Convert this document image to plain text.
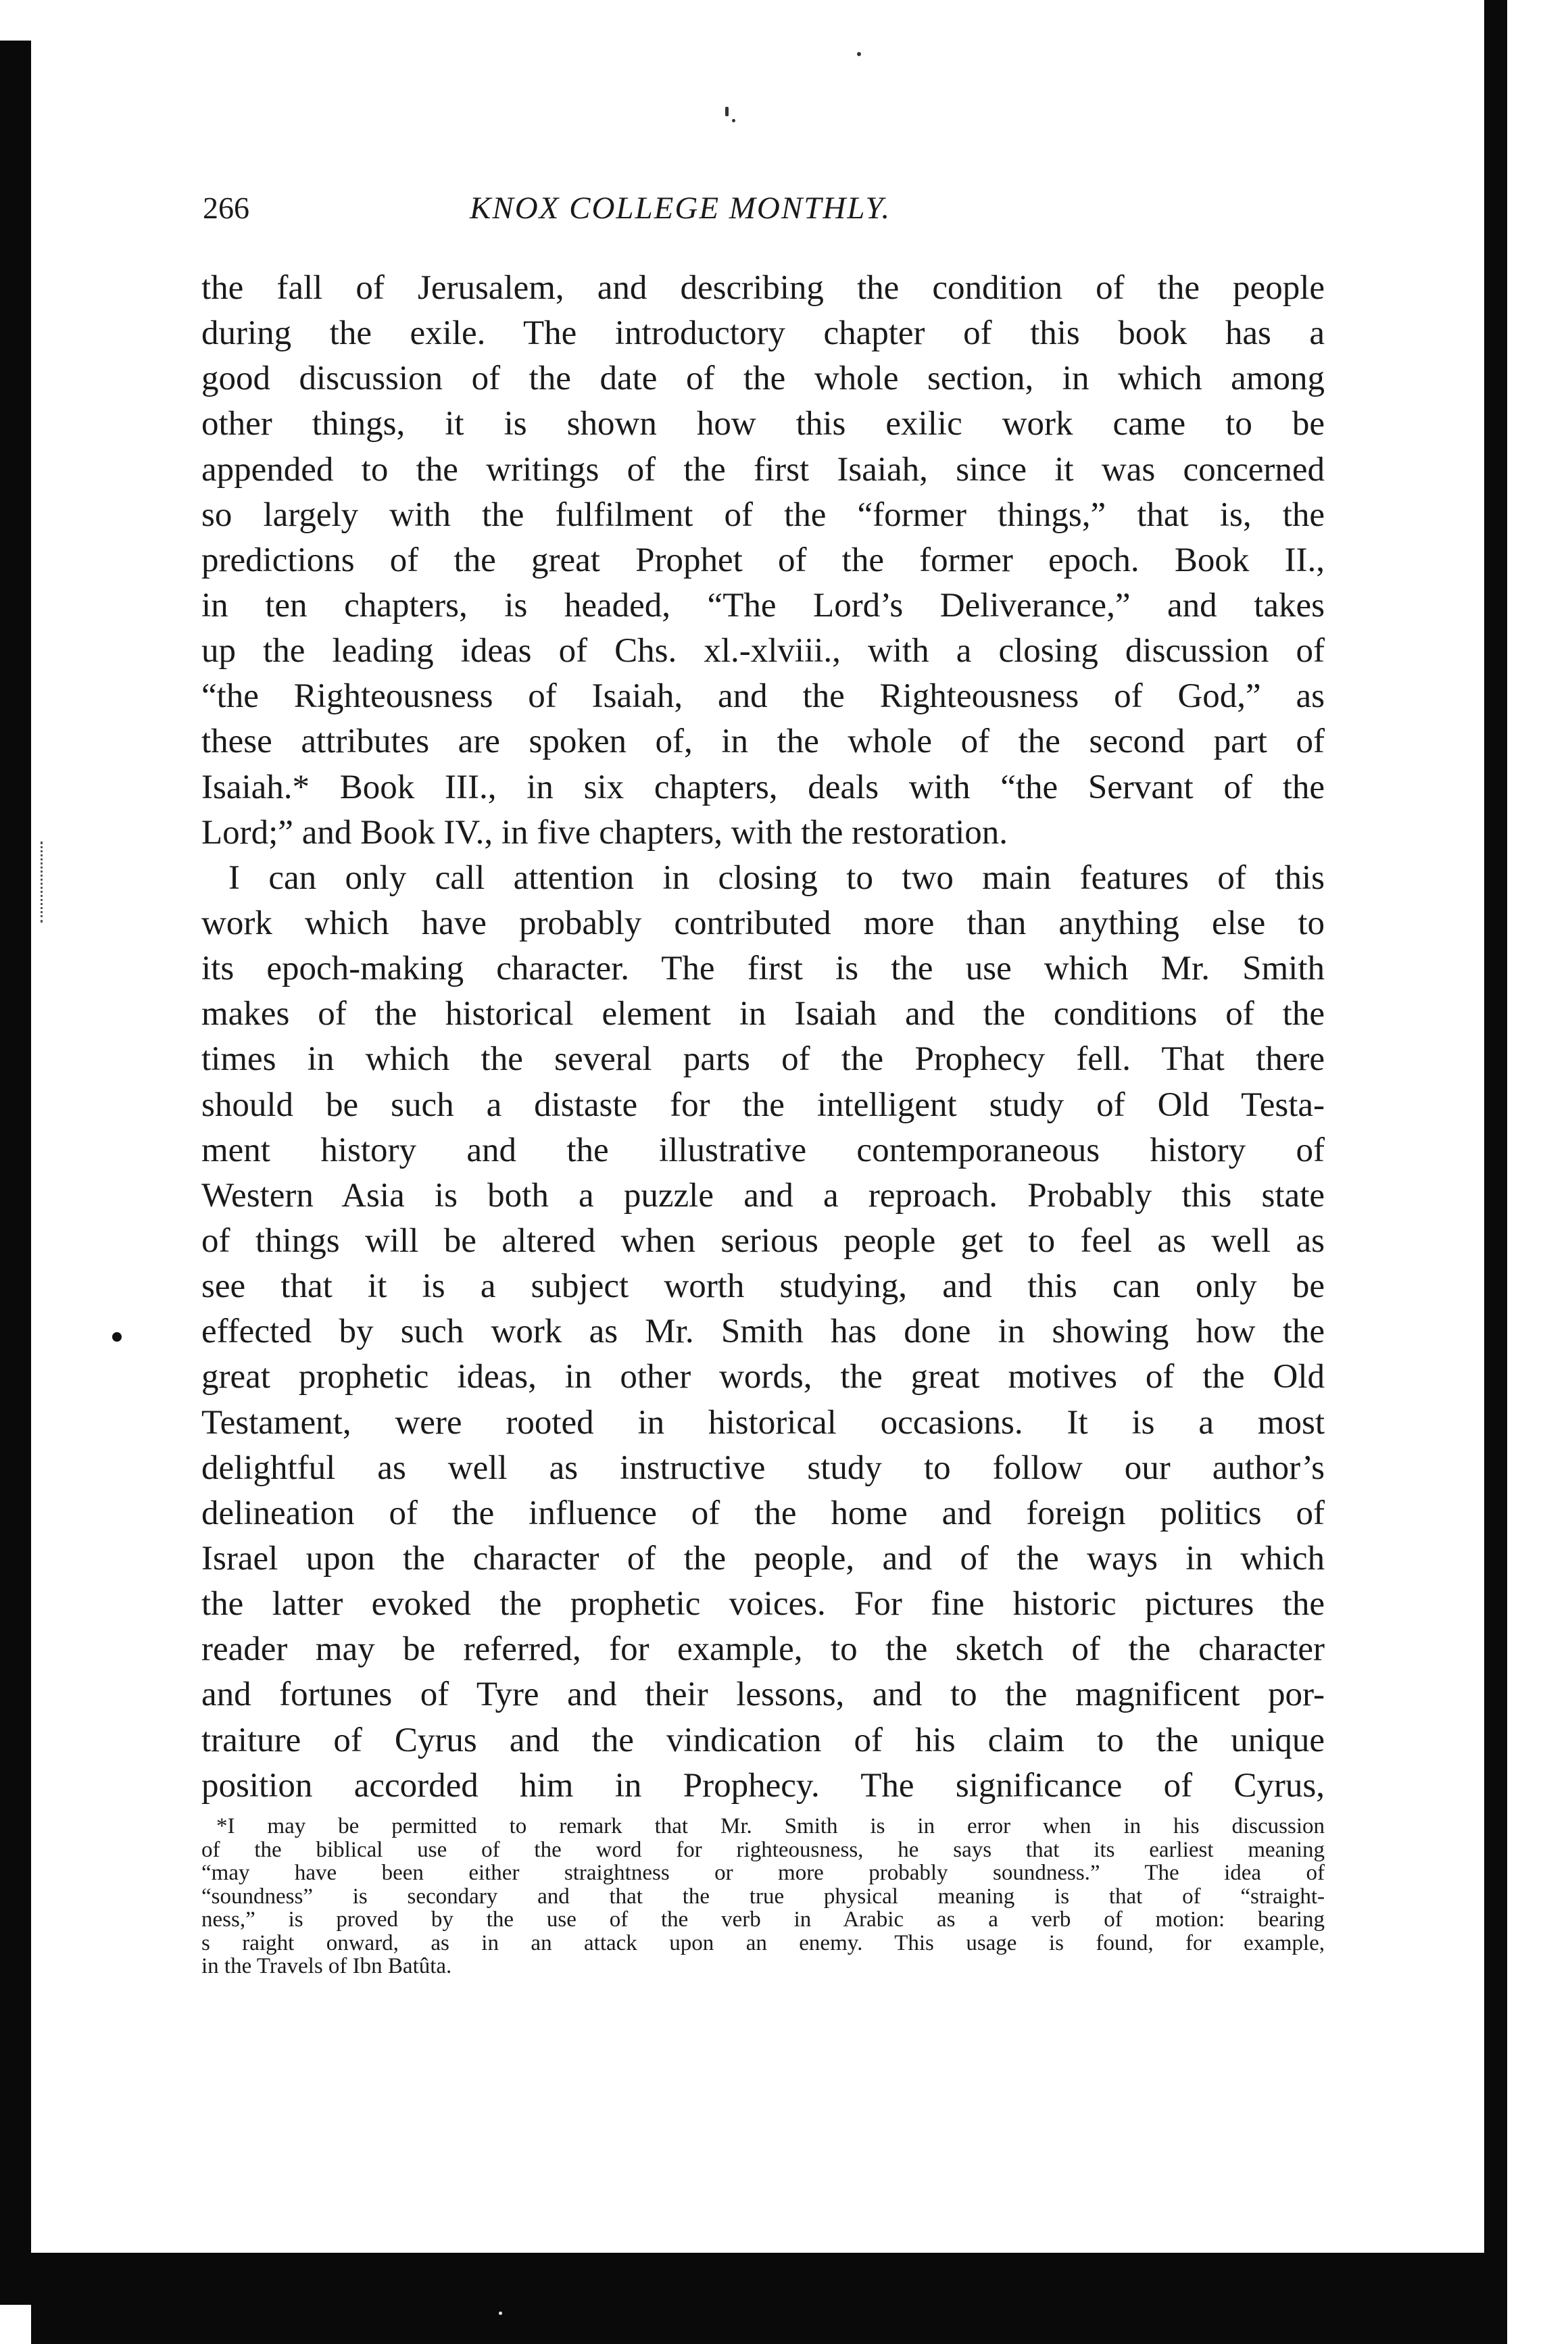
266	KNOX COLLEGE MONTHLY.
the fall of Jerusalem, and describing the condition of the people
during the exile. The introductory chapter of this book has a
good discussion of the date of the whole section, in which among
other things, it is shown how this exilic work came to be
appended to the writings of the first Isaiah, since it was concerned
so largely with the fulfilment of the “former things,” that is, the
predictions of the great Prophet of the former epoch. Book II.,
in ten chapters, is headed, “The Lord’s Deliverance,” and takes
up the leading ideas of Chs. xl.-xlviii., with a closing discussion of
“the Righteousness of Isaiah, and the Righteousness of God,” as
these attributes are spoken of, in the whole of the second part of
Isaiah.* Book III., in six chapters, deals with “the Servant of the
Lord;” and Book IV., in five chapters, with the restoration.
I can only call attention in closing to two main features of this
work which have probably contributed more than anything else to
its epoch-making character. The first is the use which Mr. Smith
makes of the historical element in Isaiah and the conditions of the
times in which the several parts of the Prophecy fell. That there
should be such a distaste for the intelligent study of Old Testa-
ment history and the illustrative contemporaneous history of
Western Asia is both a puzzle and a reproach. Probably this state
of things will be altered when serious people get to feel as well as
see that it is a subject worth studying, and this can only be
effected by such work as Mr. Smith has done in showing how the
great prophetic ideas, in other words, the great motives of the Old
Testament, were rooted in historical occasions. It is a most
delightful as well as instructive study to follow our author’s
delineation of the influence of the home and foreign politics of
Israel upon the character of the people, and of the ways in which
the latter evoked the prophetic voices. For fine historic pictures the
reader may be referred, for example, to the sketch of the character
and fortunes of Tyre and their lessons, and to the magnificent por-
traiture of Cyrus and the vindication of his claim to the unique
position accorded him in Prophecy. The significance of Cyrus,
*I may be permitted to remark that Mr. Smith is in error when in his discussion
of the biblical use of the word for righteousness, he says that its earliest meaning
“may have been either straightness or more probably soundness.” The idea of
“soundness” is secondary and that the true physical meaning is that of “straight-
ness,” is proved by the use of the verb in Arabic as a verb of motion: bearing
s raight onward, as in an attack upon an enemy. This usage is found, for example,
in the Travels of Ibn Batûta.
